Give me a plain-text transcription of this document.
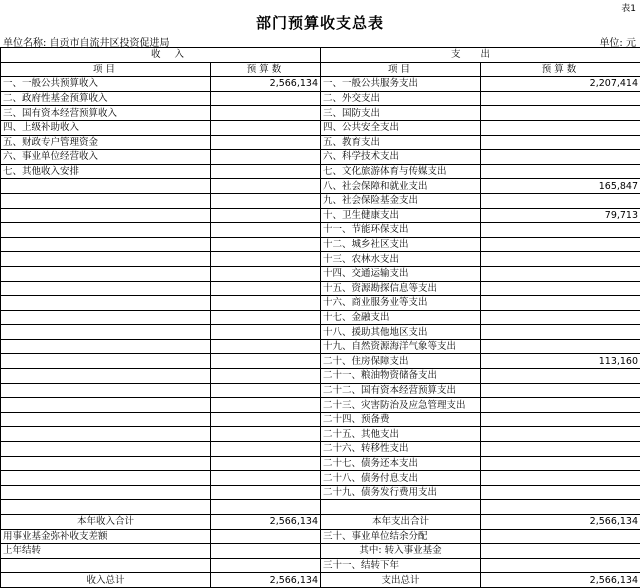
表1
部门预算收支总表
单位名称: 自贡市自流井区投资促进局	单位: 元
收入		支出	
项目	预算数	项目	预算数
一、一般公共预算收入	2,566,134	一、一般公共服务支出	2,207,414
二、政府性基金预算收入		二、外交支出	
三、国有资本经营预算收入		三、国防支出	
四、上级补助收入		四、公共安全支出	
五、财政专户管理资金		五、教育支出	
六、事业单位经营收入		六、科学技术支出	
七、其他收入安排		七、文化旅游体育与传媒支出	
		八、社会保障和就业支出	165,847
		九、社会保险基金支出	
		十、卫生健康支出	79,713
		十一、节能环保支出	
		十二、城乡社区支出	
		十三、农林水支出	
		十四、交通运输支出	
		十五、资源勘探信息等支出	
		十六、商业服务业等支出	
		十七、金融支出	
		十八、援助其他地区支出	
		十九、自然资源海洋气象等支出	
		二十、住房保障支出	113,160
		二十一、粮油物资储备支出	
		二十二、国有资本经营预算支出	
		二十三、灾害防治及应急管理支出	
		二十四、预备费	
		二十五、其他支出	
		二十六、转移性支出	
		二十七、债务还本支出	
		二十八、债务付息支出	
		二十九、债务发行费用支出	

本年收入合计	2,566,134	本年支出合计	2,566,134
用事业基金弥补收支差额		三十、事业单位结余分配	
上年结转		其中: 转入事业基金	
		三十一、结转下年	
收入总计	2,566,134	支出总计	2,566,134
